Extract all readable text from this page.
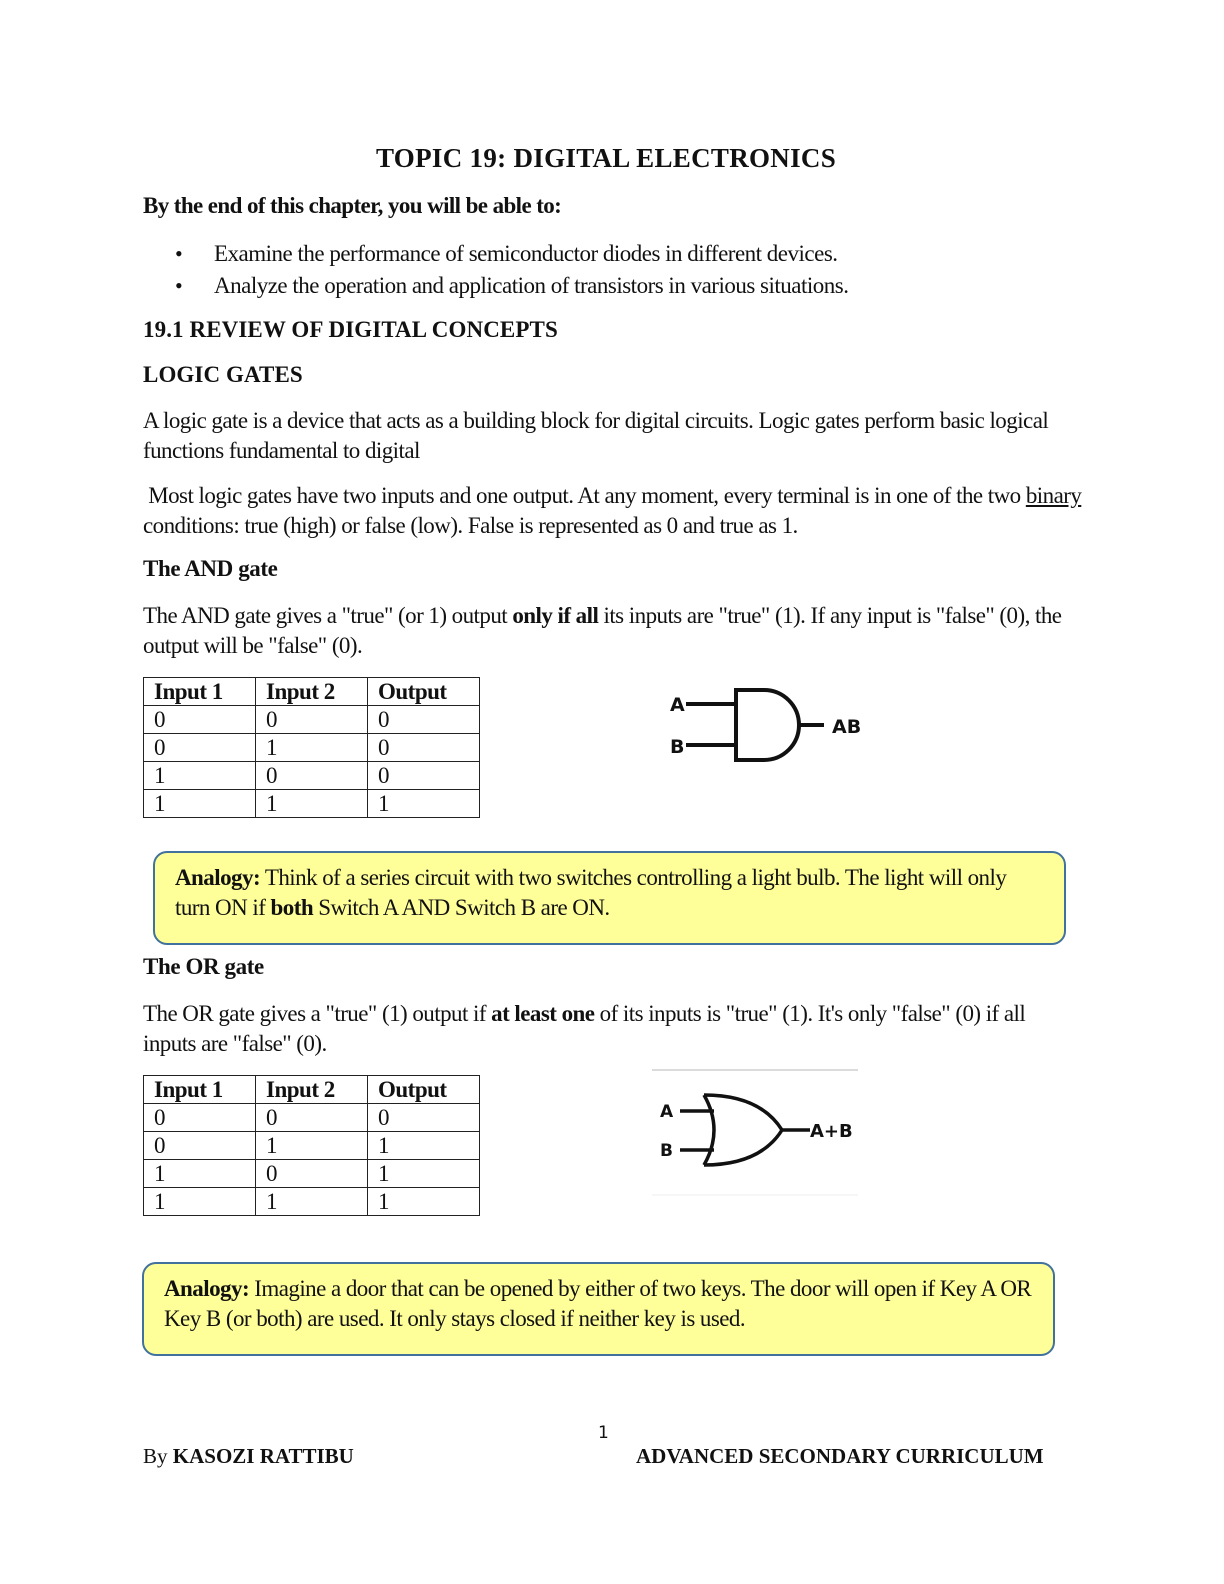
TOPIC 19: DIGITAL ELECTRONICS
By the end of this chapter, you will be able to:
• Examine the performance of semiconductor diodes in different devices.
• Analyze the operation and application of transistors in various situations.
19.1 REVIEW OF DIGITAL CONCEPTS
LOGIC GATES
A logic gate is a device that acts as a building block for digital circuits. Logic gates perform basic logical functions fundamental to digital
Most logic gates have two inputs and one output. At any moment, every terminal is in one of the two binary conditions: true (high) or false (low). False is represented as 0 and true as 1.
The AND gate
The AND gate gives a "true" (or 1) output only if all its inputs are "true" (1). If any input is "false" (0), the output will be "false" (0).
Input 1	Input 2	Output
0	0	0
0	1	0
1	0	0
1	1	1
A
B
AB
Analogy: Think of a series circuit with two switches controlling a light bulb. The light will only turn ON if both Switch A AND Switch B are ON.
The OR gate
The OR gate gives a "true" (1) output if at least one of its inputs is "true" (1). It's only "false" (0) if all inputs are "false" (0).
Input 1	Input 2	Output
0	0	0
0	1	1
1	0	1
1	1	1
A
B
A+B
Analogy: Imagine a door that can be opened by either of two keys. The door will open if Key A OR Key B (or both) are used. It only stays closed if neither key is used.
1
By KASOZI RATTIBU	ADVANCED SECONDARY CURRICULUM
